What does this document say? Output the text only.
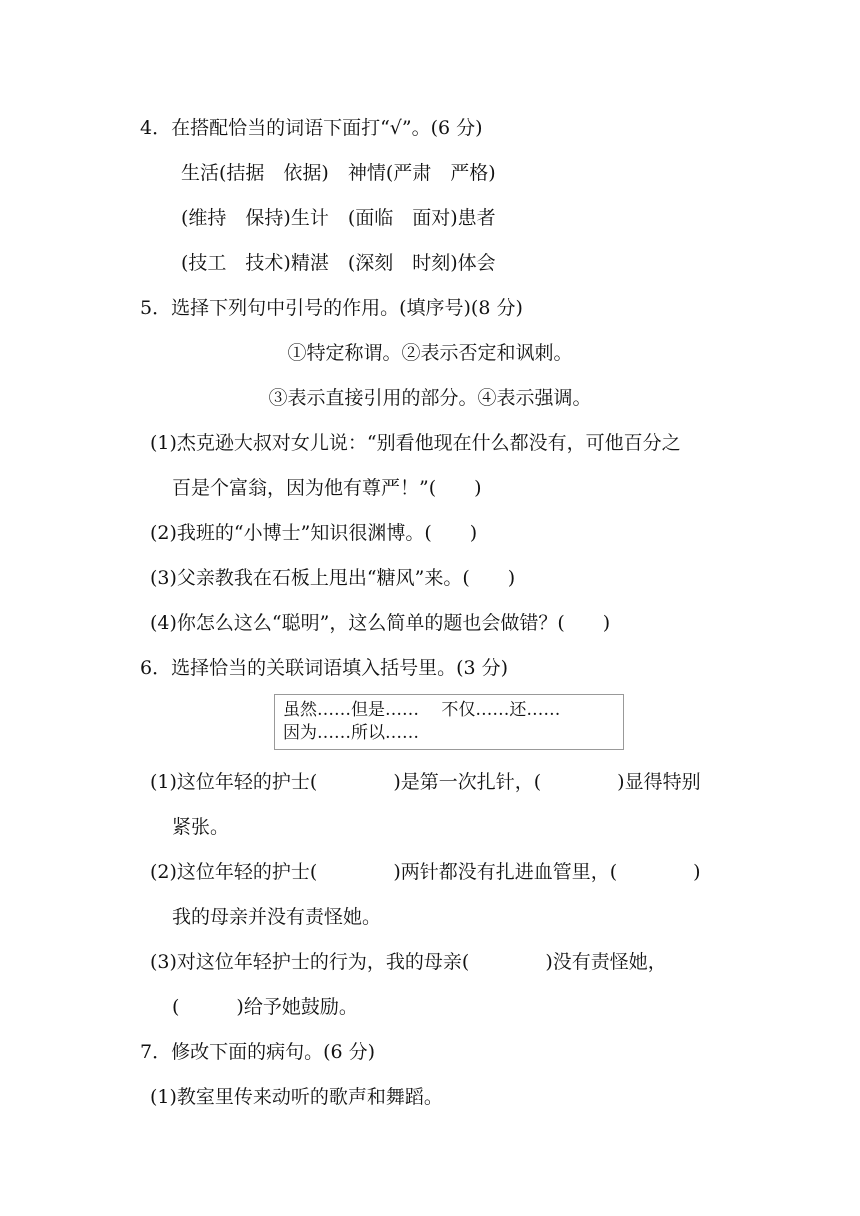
4．在搭配恰当的词语下面打“√”。(6 分)
生活(拮据　依据)　神情(严肃　严格)
(维持　保持)生计　(面临　面对)患者
(技工　技术)精湛　(深刻　时刻)体会
5．选择下列句中引号的作用。(填序号)(8 分)
①特定称谓。②表示否定和讽刺。
③表示直接引用的部分。④表示强调。
(1)杰克逊大叔对女儿说：“别看他现在什么都没有，可他百分之
百是个富翁，因为他有尊严！”(　　)
(2)我班的“小博士”知识很渊博。(　　)
(3)父亲教我在石板上甩出“糖风”来。(　　)
(4)你怎么这么“聪明”，这么简单的题也会做错？(　　)
6．选择恰当的关联词语填入括号里。(3 分)
虽然……但是……　 不仅……还……
因为……所以……
(1)这位年轻的护士(　　　　)是第一次扎针，(　　　　)显得特别
紧张。
(2)这位年轻的护士(　　　　)两针都没有扎进血管里，(　　　　)
我的母亲并没有责怪她。
(3)对这位年轻护士的行为，我的母亲(　　　　)没有责怪她，
(　　　)给予她鼓励。
7．修改下面的病句。(6 分)
(1)教室里传来动听的歌声和舞蹈。
